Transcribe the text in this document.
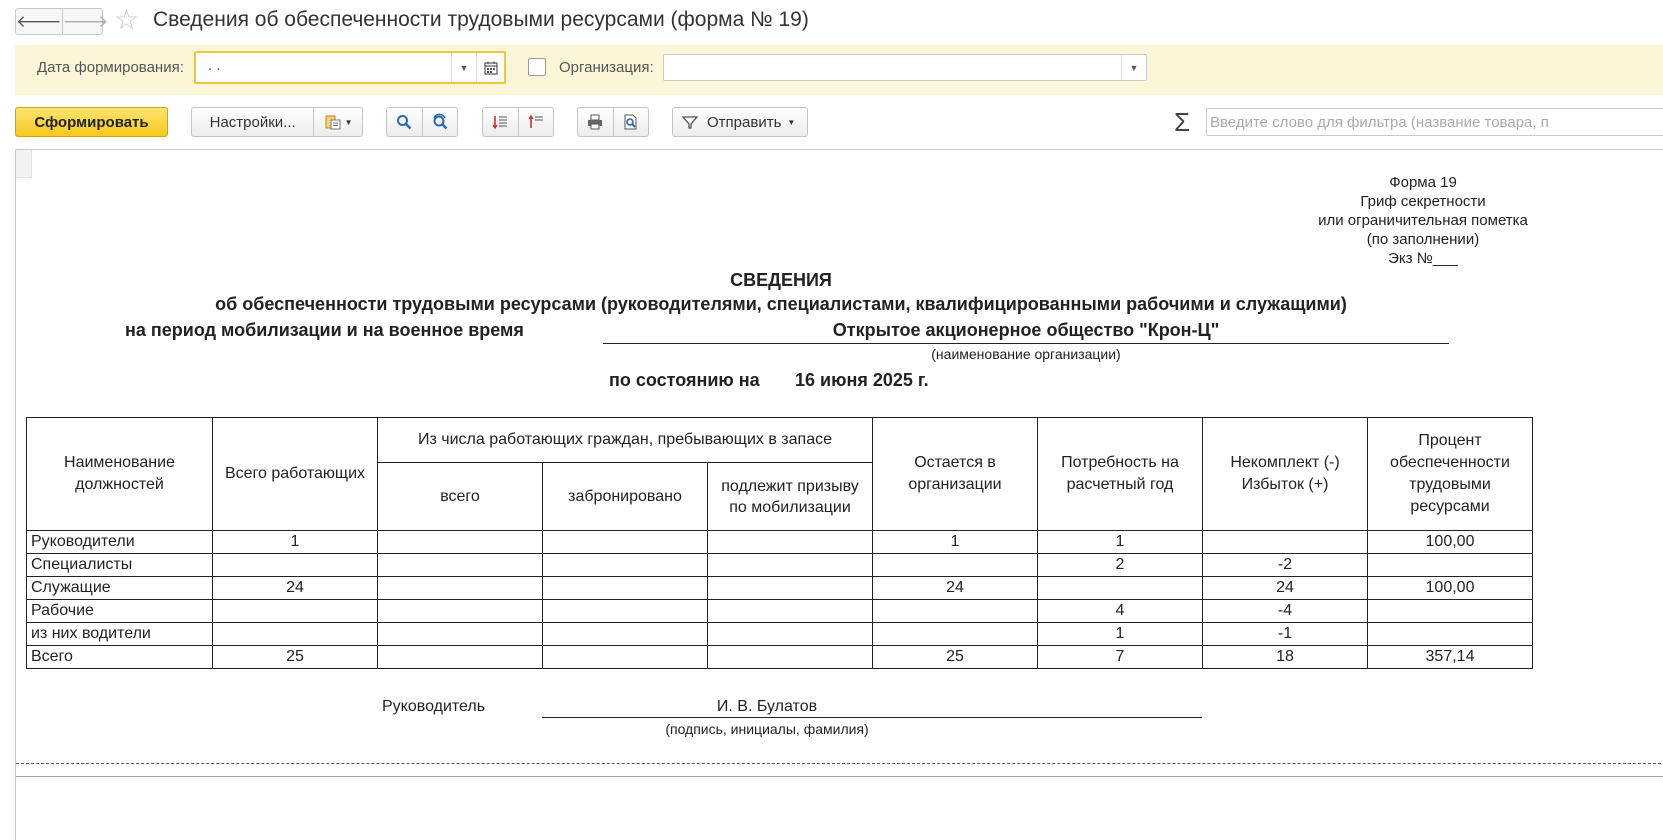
🡐 🡒 ☆ Сведения об обеспеченности трудовыми ресурсами (форма № 19)
Дата формирования: . .	▼	Организация:	▼
Сформировать	Настройки...	▼	Отправить ▼	Σ Введите слово для фильтра (название товара, п
Форма 19
Гриф секретности
или ограничительная пометка
(по заполнении)
Экз №___
СВЕДЕНИЯ
об обеспеченности трудовыми ресурсами (руководителями, специалистами, квалифицированными рабочими и служащими)
на период мобилизации и на военное время	Открытое акционерное общество "Крон-Ц"
(наименование организации)
по состоянию на 16 июня 2025 г.
Наименование должностей	Всего работающих	Из числа работающих граждан, пребывающих в запасе			Остается в организации	Потребность на расчетный год	Некомплект (-) Избыток (+)	Процент обеспеченности трудовыми ресурсами
		всего	забронировано	подлежит призыву по мобилизации				
Руководители	1				1	1		100,00
Специалисты						2	-2	
Служащие	24				24		24	100,00
Рабочие						4	-4	
из них водители						1	-1	
Всего	25				25	7	18	357,14
Руководитель	И. В. Булатов
(подпись, инициалы, фамилия)
